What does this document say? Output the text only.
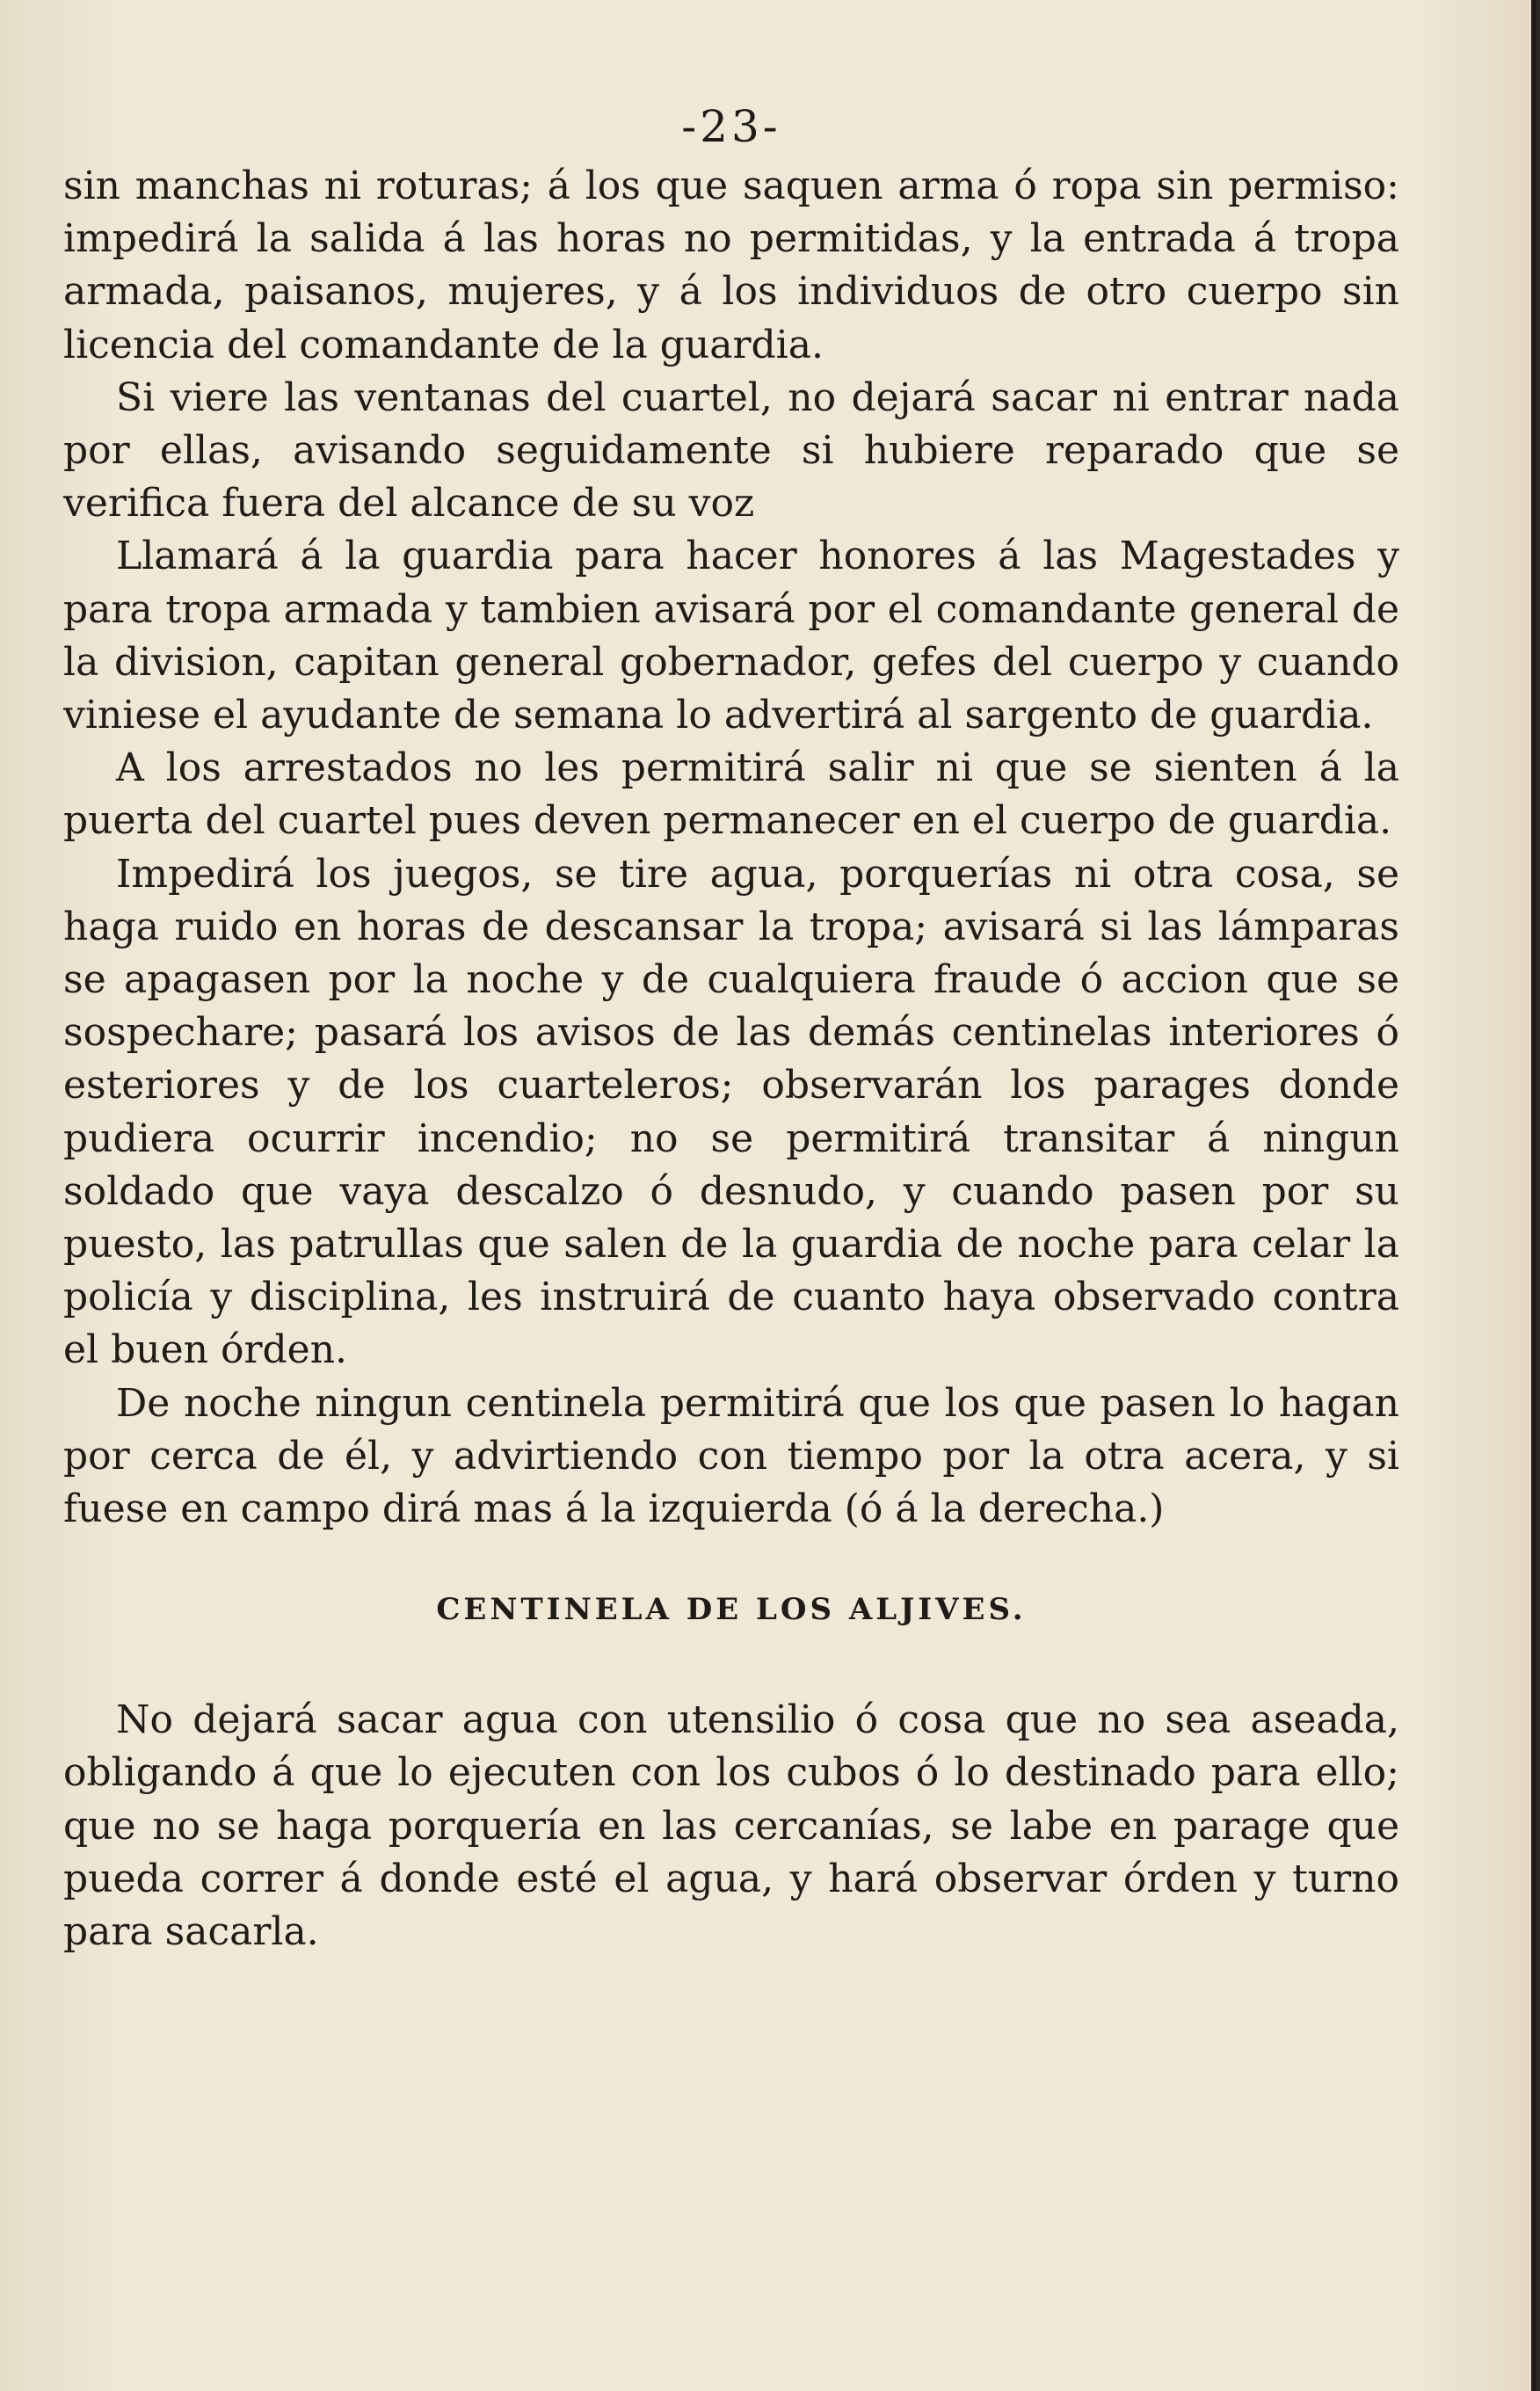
-23-

sin manchas ni roturas; á los que saquen arma ó ropa sin permiso: impedirá la salida á las horas no permitidas, y la entrada á tropa armada, paisanos, mujeres, y á los individuos de otro cuerpo sin licencia del comandante de la guardia.

Si viere las ventanas del cuartel, no dejará sacar ni entrar nada por ellas, avisando seguidamente si hubiere reparado que se verifica fuera del alcance de su voz

Llamará á la guardia para hacer honores á las Magestades y para tropa armada y tambien avisará por el comandante general de la division, capitan general gobernador, gefes del cuerpo y cuando viniese el ayudante de semana lo advertirá al sargento de guardia.

A los arrestados no les permitirá salir ni que se sienten á la puerta del cuartel pues deven permanecer en el cuerpo de guardia.

Impedirá los juegos, se tire agua, porquerías ni otra cosa, se haga ruido en horas de descansar la tropa; avisará si las lámparas se apagasen por la noche y de cualquiera fraude ó accion que se sospechare; pasará los avisos de las demás centinelas interiores ó esteriores y de los cuarteleros; observarán los parages donde pudiera ocurrir incendio; no se permitirá transitar á ningun soldado que vaya descalzo ó desnudo, y cuando pasen por su puesto, las patrullas que salen de la guardia de noche para celar la policía y disciplina, les instruirá de cuanto haya observado contra el buen órden.

De noche ningun centinela permitirá que los que pasen lo hagan por cerca de él, y advirtiendo con tiempo por la otra acera, y si fuese en campo dirá mas á la izquierda (ó á la derecha.)

CENTINELA DE LOS ALJIVES.

No dejará sacar agua con utensilio ó cosa que no sea aseada, obligando á que lo ejecuten con los cubos ó lo destinado para ello; que no se haga porquería en las cercanías, se labe en parage que pueda correr á donde esté el agua, y hará observar órden y turno para sacarla.
